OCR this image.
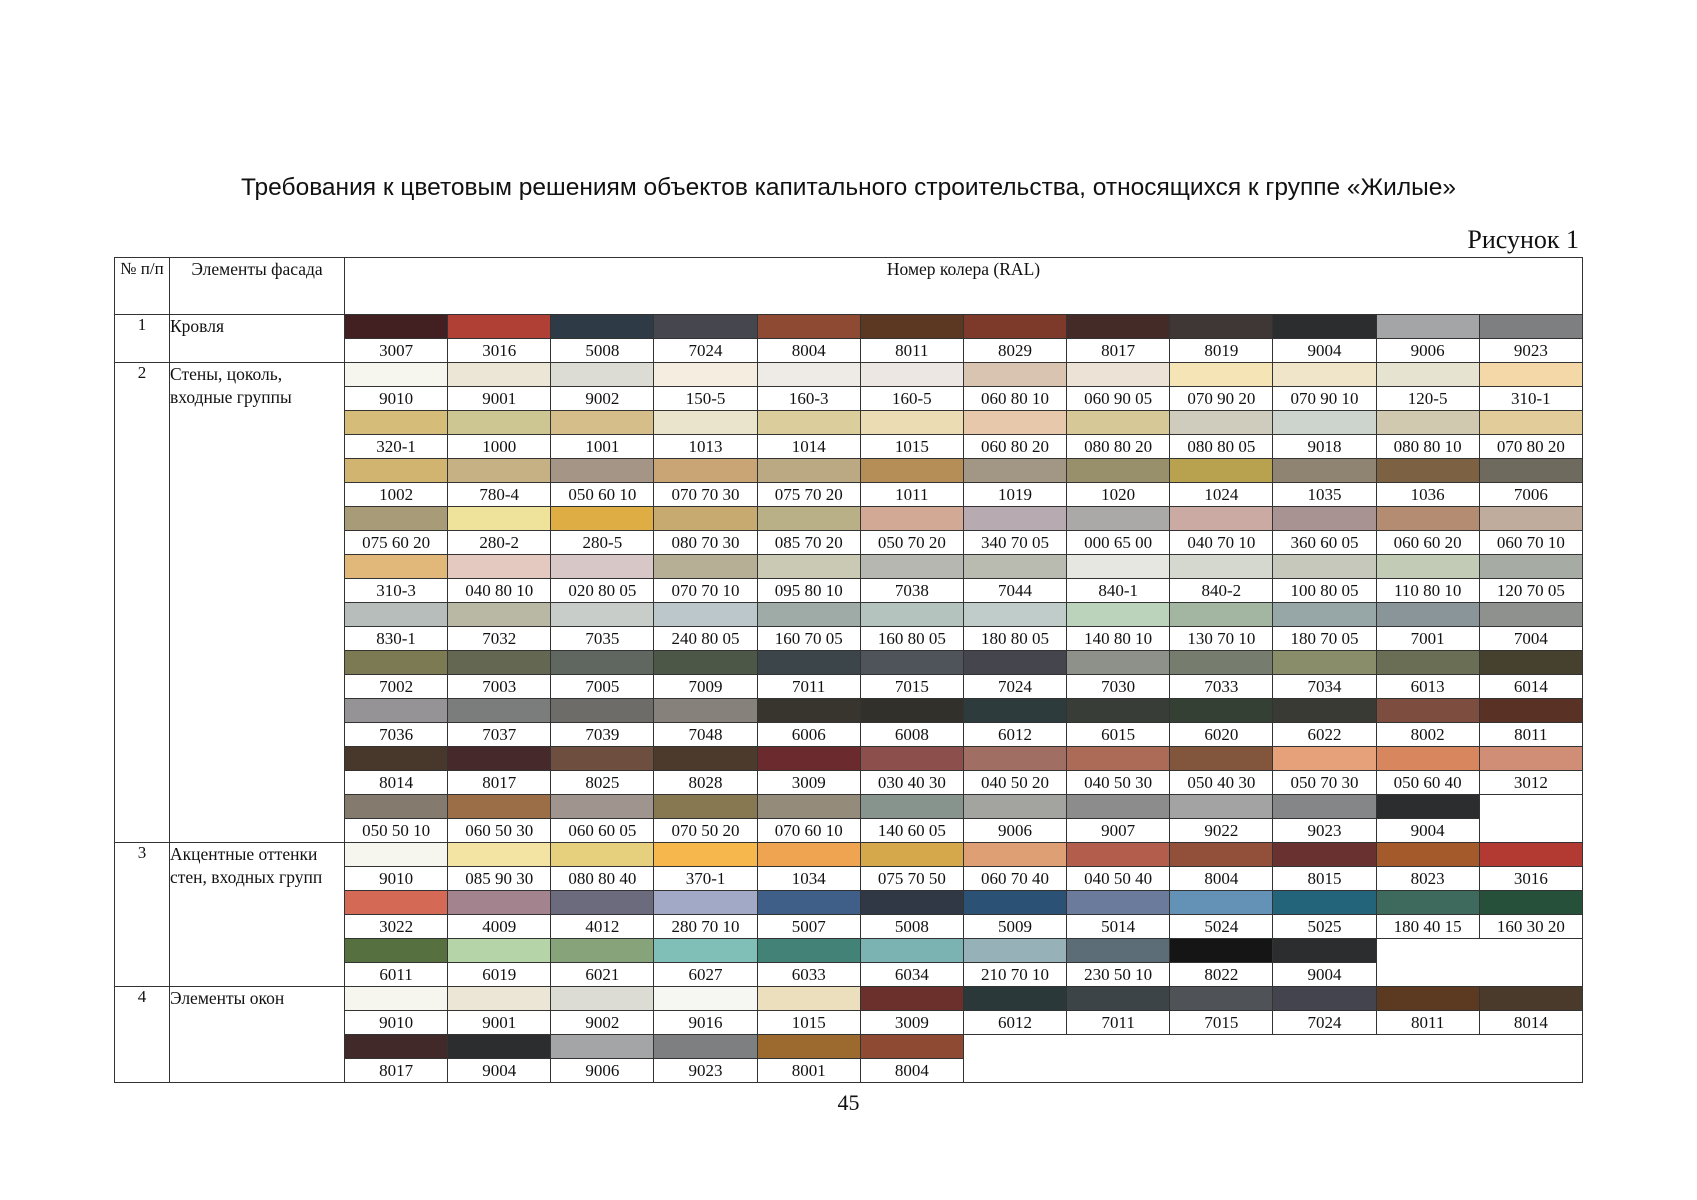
Требования к цветовым решениям объектов капитального строительства, относящихся к группе «Жилые»
Рисунок 1
№ п/п	Элементы фасада	Номер колера (RAL)											
1	Кровля												
		3007	3016	5008	7024	8004	8011	8029	8017	8019	9004	9006	9023
2	Стены, цоколь, входные группы												
		9010	9001	9002	150-5	160-3	160-5	060 80 10	060 90 05	070 90 20	070 90 10	120-5	310-1

		320-1	1000	1001	1013	1014	1015	060 80 20	080 80 20	080 80 05	9018	080 80 10	070 80 20

		1002	780-4	050 60 10	070 70 30	075 70 20	1011	1019	1020	1024	1035	1036	7006

		075 60 20	280-2	280-5	080 70 30	085 70 20	050 70 20	340 70 05	000 65 00	040 70 10	360 60 05	060 60 20	060 70 10

		310-3	040 80 10	020 80 05	070 70 10	095 80 10	7038	7044	840-1	840-2	100 80 05	110 80 10	120 70 05

		830-1	7032	7035	240 80 05	160 70 05	160 80 05	180 80 05	140 80 10	130 70 10	180 70 05	7001	7004

		7002	7003	7005	7009	7011	7015	7024	7030	7033	7034	6013	6014

		7036	7037	7039	7048	6006	6008	6012	6015	6020	6022	8002	8011

		8014	8017	8025	8028	3009	030 40 30	040 50 20	040 50 30	050 40 30	050 70 30	050 60 40	3012

		050 50 10	060 50 30	060 60 05	070 50 20	070 60 10	140 60 05	9006	9007	9022	9023	9004	
3	Акцентные оттенки стен, входных групп												
		9010	085 90 30	080 80 40	370-1	1034	075 70 50	060 70 40	040 50 40	8004	8015	8023	3016

		3022	4009	4012	280 70 10	5007	5008	5009	5014	5024	5025	180 40 15	160 30 20

		6011	6019	6021	6027	6033	6034	210 70 10	230 50 10	8022	9004		
4	Элементы окон												
		9010	9001	9002	9016	1015	3009	6012	7011	7015	7024	8011	8014

		8017	9004	9006	9023	8001	8004						
45
